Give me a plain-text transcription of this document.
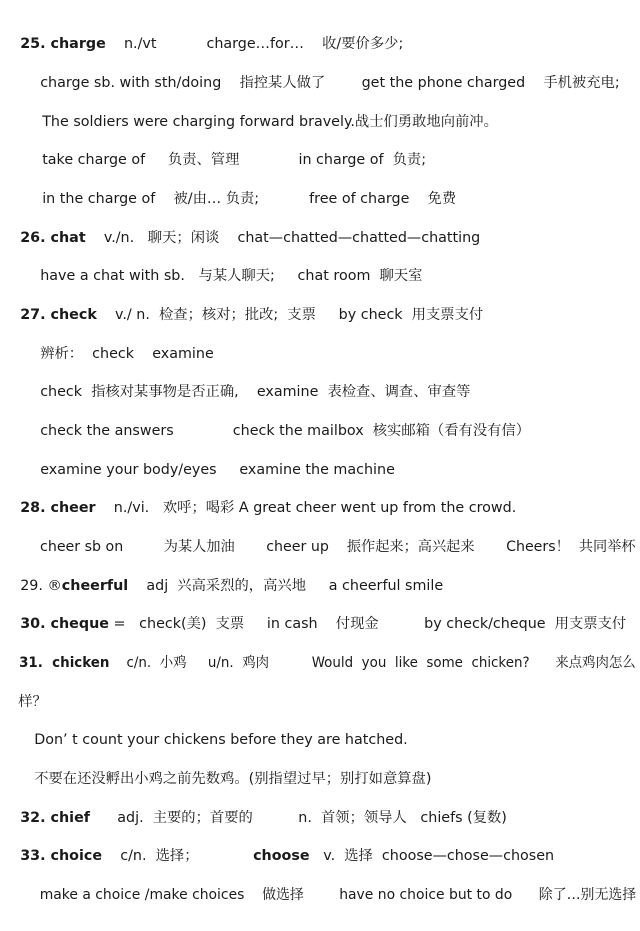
25. charge    n./vt           charge…for…    收/要价多少;

charge sb. with sth/doing    指控某人做了        get the phone charged    手机被充电;

The soldiers were charging forward bravely.战士们勇敢地向前冲。

take charge of     负责、管理             in charge of  负责;

in the charge of    被/由… 负责;           free of charge    免费

26. chat    v./n.   聊天；闲谈    chat—chatted—chatted—chatting

have a chat with sb.   与某人聊天;     chat room  聊天室

27. check    v./ n.  检查；核对；批改;  支票     by check  用支票支付

辨析：  check    examine

check  指核对某事物是否正确,    examine  表检查、调查、审查等

check the answers             check the mailbox  核实邮箱（看有没有信）

examine your body/eyes     examine the machine

28. cheer    n./vi.   欢呼；喝彩 A great cheer went up from the crowd.

cheer sb on         为某人加油       cheer up    振作起来；高兴起来       Cheers！  共同举杯

29. ®cheerful    adj  兴高采烈的，高兴地     a cheerful smile

30. cheque =   check(美)  支票     in cash    付现金          by check/cheque  用支票支付

31.  chicken    c/n.  小鸡     u/n.  鸡肉          Would  you  like  some  chicken?      来点鸡肉怎么

样？

Don’ t count your chickens before they are hatched.

不要在还没孵出小鸡之前先数鸡。(别指望过早；别打如意算盘)

32. chief      adj.  主要的；首要的          n.  首领；领导人   chiefs (复数)

33. choice    c/n.  选择；            choose   v.  选择  choose—chose—chosen

make a choice /make choices    做选择        have no choice but to do      除了…别无选择
